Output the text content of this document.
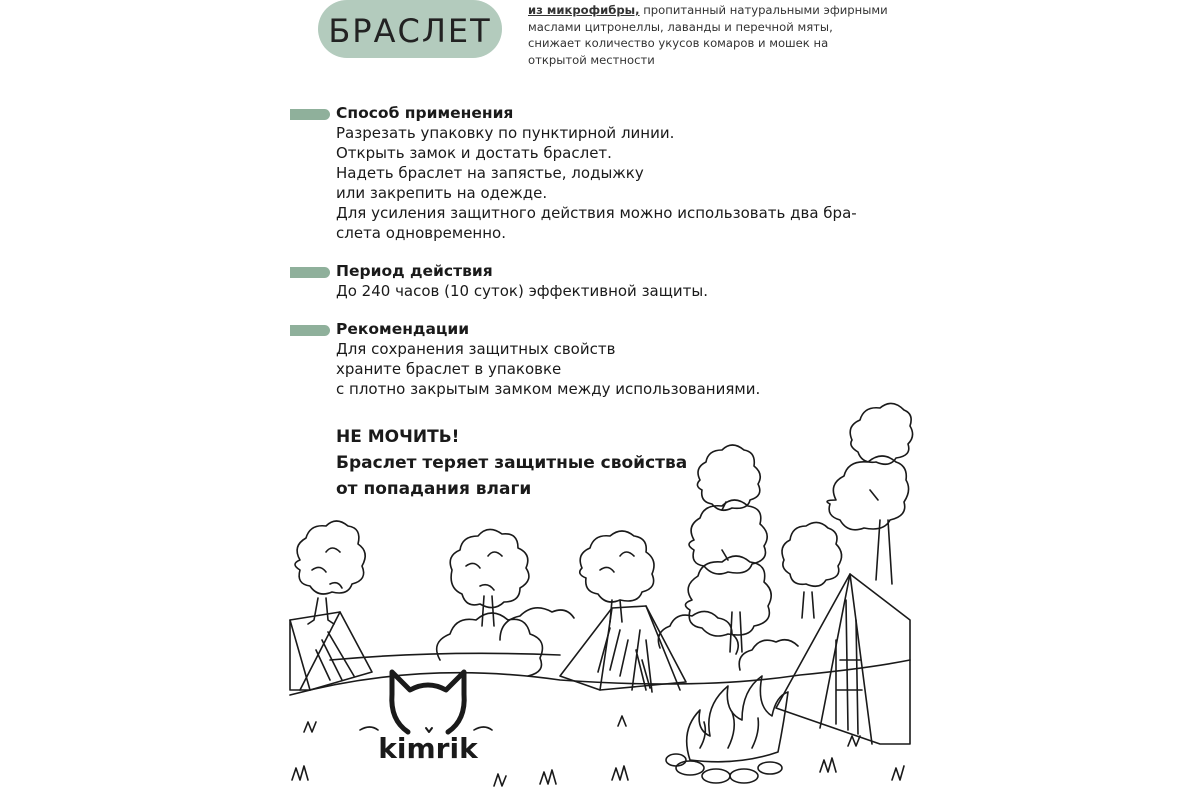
БРАСЛЕТ
из микрофибры, пропитанный натуральными эфирными маслами цитронеллы, лаванды и перечной мяты, снижает количество укусов комаров и мошек на открытой местности
Способ применения

Разрезать упаковку по пунктирной линии.

Открыть замок и достать браслет.

Надеть браслет на запястье, лодыжку

или закрепить на одежде.

Для усиления защитного действия можно использовать два бра-

слета одновременно.

Период действия

До 240 часов (10 суток) эффективной защиты.

Рекомендации

Для сохранения защитных свойств

храните браслет в упаковке

с плотно закрытым замком между использованиями.

НЕ МОЧИТЬ!
Браслет теряет защитные свойства
от попадания влаги
kimrik
